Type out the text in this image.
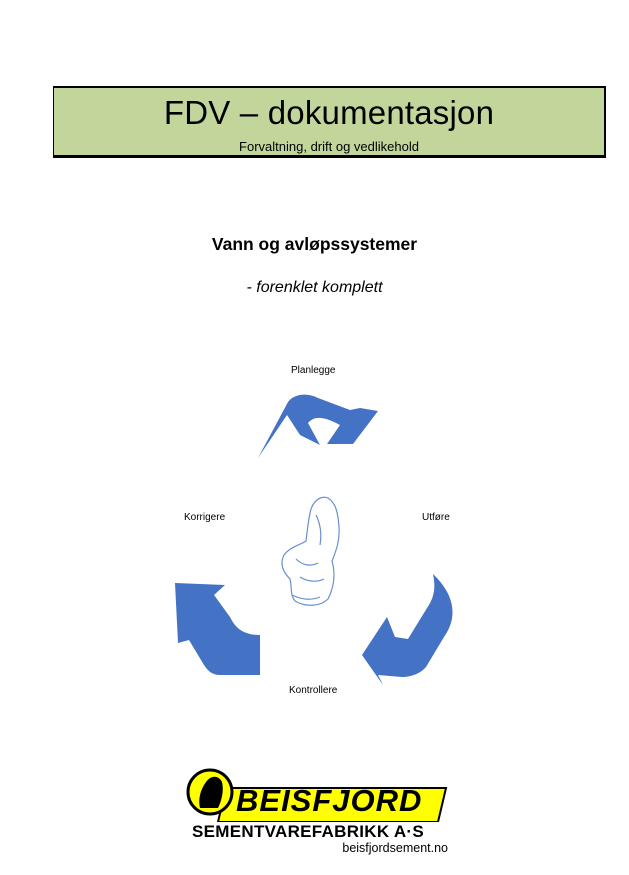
FDV – dokumentasjon
Forvaltning, drift og vedlikehold
Vann og avløpssystemer
- forenklet komplett
Planlegge
Utføre
Kontrollere
Korrigere
BEISFJORD
SEMENTVAREFABRIKK A·S
beisfjordsement.no
